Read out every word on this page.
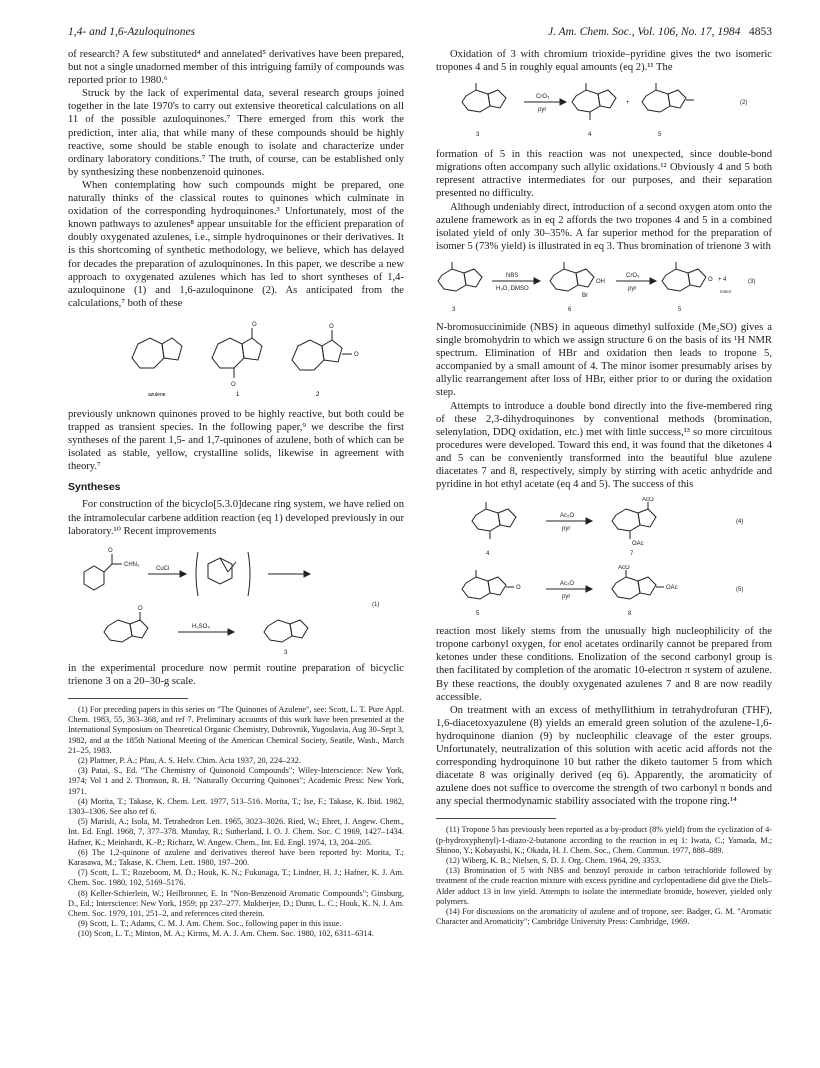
1,4- and 1,6-Azuloquinones	J. Am. Chem. Soc., Vol. 106, No. 17, 1984 4853

of research? A few substituted⁴ and annelated⁵ derivatives have been prepared, but not a single unadorned member of this intriguing family of compounds was reported prior to 1980.⁶

Struck by the lack of experimental data, several research groups joined together in the late 1970's to carry out extensive theoretical calculations on all 11 of the possible azuloquinones.⁷ There emerged from this work the prediction, inter alia, that while many of these compounds should be highly reactive, some should be stable enough to isolate and characterize under ordinary laboratory conditions.⁷ The truth, of course, can be established only by synthesizing these nonbenzenoid quinones.

When contemplating how such compounds might be prepared, one naturally thinks of the classical routes to quinones which culminate in oxidation of the corresponding hydroquinones.³ Unfortunately, most of the known pathways to azulenes⁸ appear unsuitable for the efficient preparation of doubly oxygenated azulenes, i.e., simple hydroquinones or their derivatives. It is this shortcoming of synthetic methodology, we believe, which has delayed for decades the preparation of azuloquinones. In this paper, we describe a new approach to oxygenated azulenes which has led to short syntheses of 1,4-azuloquinone (1) and 1,6-azuloquinone (2). As anticipated from the calculations,⁷ both of these

O
O
O
O
azulene	1	2

previously unknown quinones proved to be highly reactive, but both could be trapped as transient species. In the following paper,⁹ we describe the first syntheses of the parent 1,5- and 1,7-quinones of azulene, both of which can be isolated as stable, yellow, crystalline solids, likewise in agreement with theory.⁷

Syntheses

For construction of the bicyclo[5.3.0]decane ring system, we have relied on the intramolecular carbene addition reaction (eq 1) developed previously in our laboratory.¹⁰ Recent improvements

O
O
CHN₂
CuCl
H₂SO₄
(1)
3

in the experimental procedure now permit routine preparation of bicyclic trienone 3 on a 20–30-g scale.

(1) For preceding papers in this series on "The Quinones of Azulene", see: Scott, L. T. Pure Appl. Chem. 1983, 55, 363–368, and ref 7. Preliminary accounts of this work have been presented at the International Symposium on Theoretical Organic Chemistry, Dubrovnik, Yugoslavia, Aug 30–Sept 3, 1982, and at the 185th National Meeting of the American Chemical Society, Seattle, Wash., March 21–25, 1983.

(2) Plattner, P. A.; Pfau, A. S. Helv. Chim. Acta 1937, 20, 224–232.

(3) Patai, S., Ed. "The Chemistry of Quinonoid Compounds"; Wiley-Interscience: New York, 1974; Vol 1 and 2. Thomson, R. H. "Naturally Occurring Quinones"; Academic Press: New York, 1971.

(4) Morita, T.; Takase, K. Chem. Lett. 1977, 513–516. Morita, T.; Ise, F.; Takase, K. Ibid. 1982, 1303–1306. See also ref 6.

(5) Marisli, A.; Isola, M. Tetrahedron Lett. 1965, 3023–3026. Ried, W.; Ehret, J. Angew. Chem., Int. Ed. Engl. 1968, 7, 377–378. Munday, R.; Sutherland, I. O. J. Chem. Soc. C 1969, 1427–1434. Hafner, K.; Meinhardt, K.-P.; Richarz, W. Angew. Chem., Int. Ed. Engl. 1974, 13, 204–205.

(6) The 1,2-quinone of azulene and derivatives thereof have been reported by: Morita, T.; Karasawa, M.; Takase, K. Chem. Lett. 1980, 197–200.

(7) Scott, L. T.; Rozeboom, M. D.; Houk, K. N.; Fukunaga, T.; Lindner, H. J.; Hafner, K. J. Am. Chem. Soc. 1980, 102, 5169–5176.

(8) Keller-Schierlein, W.; Heilbronner, E. In "Non-Benzenoid Aromatic Compounds"; Ginsburg, D., Ed.; Interscience: New York, 1959; pp 237–277. Mukherjee, D.; Dunn, L. C.; Houk, K. N. J. Am. Chem. Soc. 1979, 101, 251–2, and references cited therein.

(9) Scott, L. T.; Adams, C. M. J. Am. Chem. Soc., following paper in this issue.

(10) Scott, L. T.; Minton, M. A.; Kirms, M. A. J. Am. Chem. Soc. 1980, 102, 6311–6314.

Oxidation of 3 with chromium trioxide–pyridine gives the two isomeric tropones 4 and 5 in roughly equal amounts (eq 2).¹¹ The

CrO₃
pyr
+	(2)
3	4	5

formation of 5 in this reaction was not unexpected, since double-bond migrations often accompany such allylic oxidations.¹² Obviously 4 and 5 both represent attractive intermediates for our purposes, and their separation presented no difficulty.

Although undeniably direct, introduction of a second oxygen atom onto the azulene framework as in eq 2 affords the two tropones 4 and 5 in a combined isolated yield of only 30–35%. A far superior method for the preparation of isomer 5 (73% yield) is illustrated in eq 3. Thus bromination of trienone 3 with

NBS
H₂O, DMSO
OH
Br
CrO₃
pyr
O + 4
minor
(3)
3	6	5

N-bromosuccinimide (NBS) in aqueous dimethyl sulfoxide (Me₂SO) gives a single bromohydrin to which we assign structure 6 on the basis of its ¹H NMR spectrum. Elimination of HBr and oxidation then leads to tropone 5, accompanied by a small amount of 4. The minor isomer presumably arises by allylic rearrangement after loss of HBr, either prior to or during the oxidation step.

Attempts to introduce a double bond directly into the five-membered ring of these 2,3-dihydroquinones by conventional methods (bromination, selenylation, DDQ oxidation, etc.) met with little success,¹³ so more circuitous procedures were developed. Toward this end, it was found that the diketones 4 and 5 can be conveniently transformed into the beautiful blue azulene diacetates 7 and 8, respectively, simply by stirring with acetic anhydride and pyridine in hot ethyl acetate (eq 4 and 5). The success of this

Ac₂O
pyr
AcO
OAc
(4)
4	7
O
Ac₂O
pyr
AcO
OAc	(5)
5	8

reaction most likely stems from the unusually high nucleophilicity of the tropone carbonyl oxygen, for enol acetates ordinarily cannot be prepared from ketones under these conditions. Enolization of the second carbonyl group is then facilitated by completion of the aromatic 10-electron π system of azulene. By these reactions, the doubly oxygenated azulenes 7 and 8 are now readily accessible.

On treatment with an excess of methyllithium in tetrahydrofuran (THF), 1,6-diacetoxyazulene (8) yields an emerald green solution of the azulene-1,6-hydroquinone dianion (9) by nucleophilic cleavage of the ester groups. Unfortunately, neutralization of this solution with acetic acid affords not the corresponding hydroquinone 10 but rather the diketo tautomer 5 from which diacetate 8 was originally derived (eq 6). Apparently, the aromaticity of azulene does not suffice to overcome the strength of two carbonyl π bonds and any special thermodynamic stability associated with the tropone ring.¹⁴

(11) Tropone 5 has previously been reported as a by-product (8% yield) from the cyclization of 4-(p-hydroxyphenyl)-1-diazo-2-butanone according to the reaction in eq 1: Iwata, C.; Yamada, M.; Shinoo, Y.; Kobayashi, K.; Okada, H. J. Chem. Soc., Chem. Commun. 1977, 888–889.

(12) Wiberg, K. B.; Nielsen, S. D. J. Org. Chem. 1964, 29, 3353.

(13) Bromination of 5 with NBS and benzoyl peroxide in carbon tetrachloride followed by treatment of the crude reaction mixture with excess pyridine and cyclopentadiene did give the Diels–Alder adduct 13 in low yield. Attempts to isolate the intermediate bromide, however, yielded only polymers.

(14) For discussions on the aromaticity of azulene and of tropone, see: Badger, G. M. "Aromatic Character and Aromaticity"; Cambridge University Press: Cambridge, 1969.
